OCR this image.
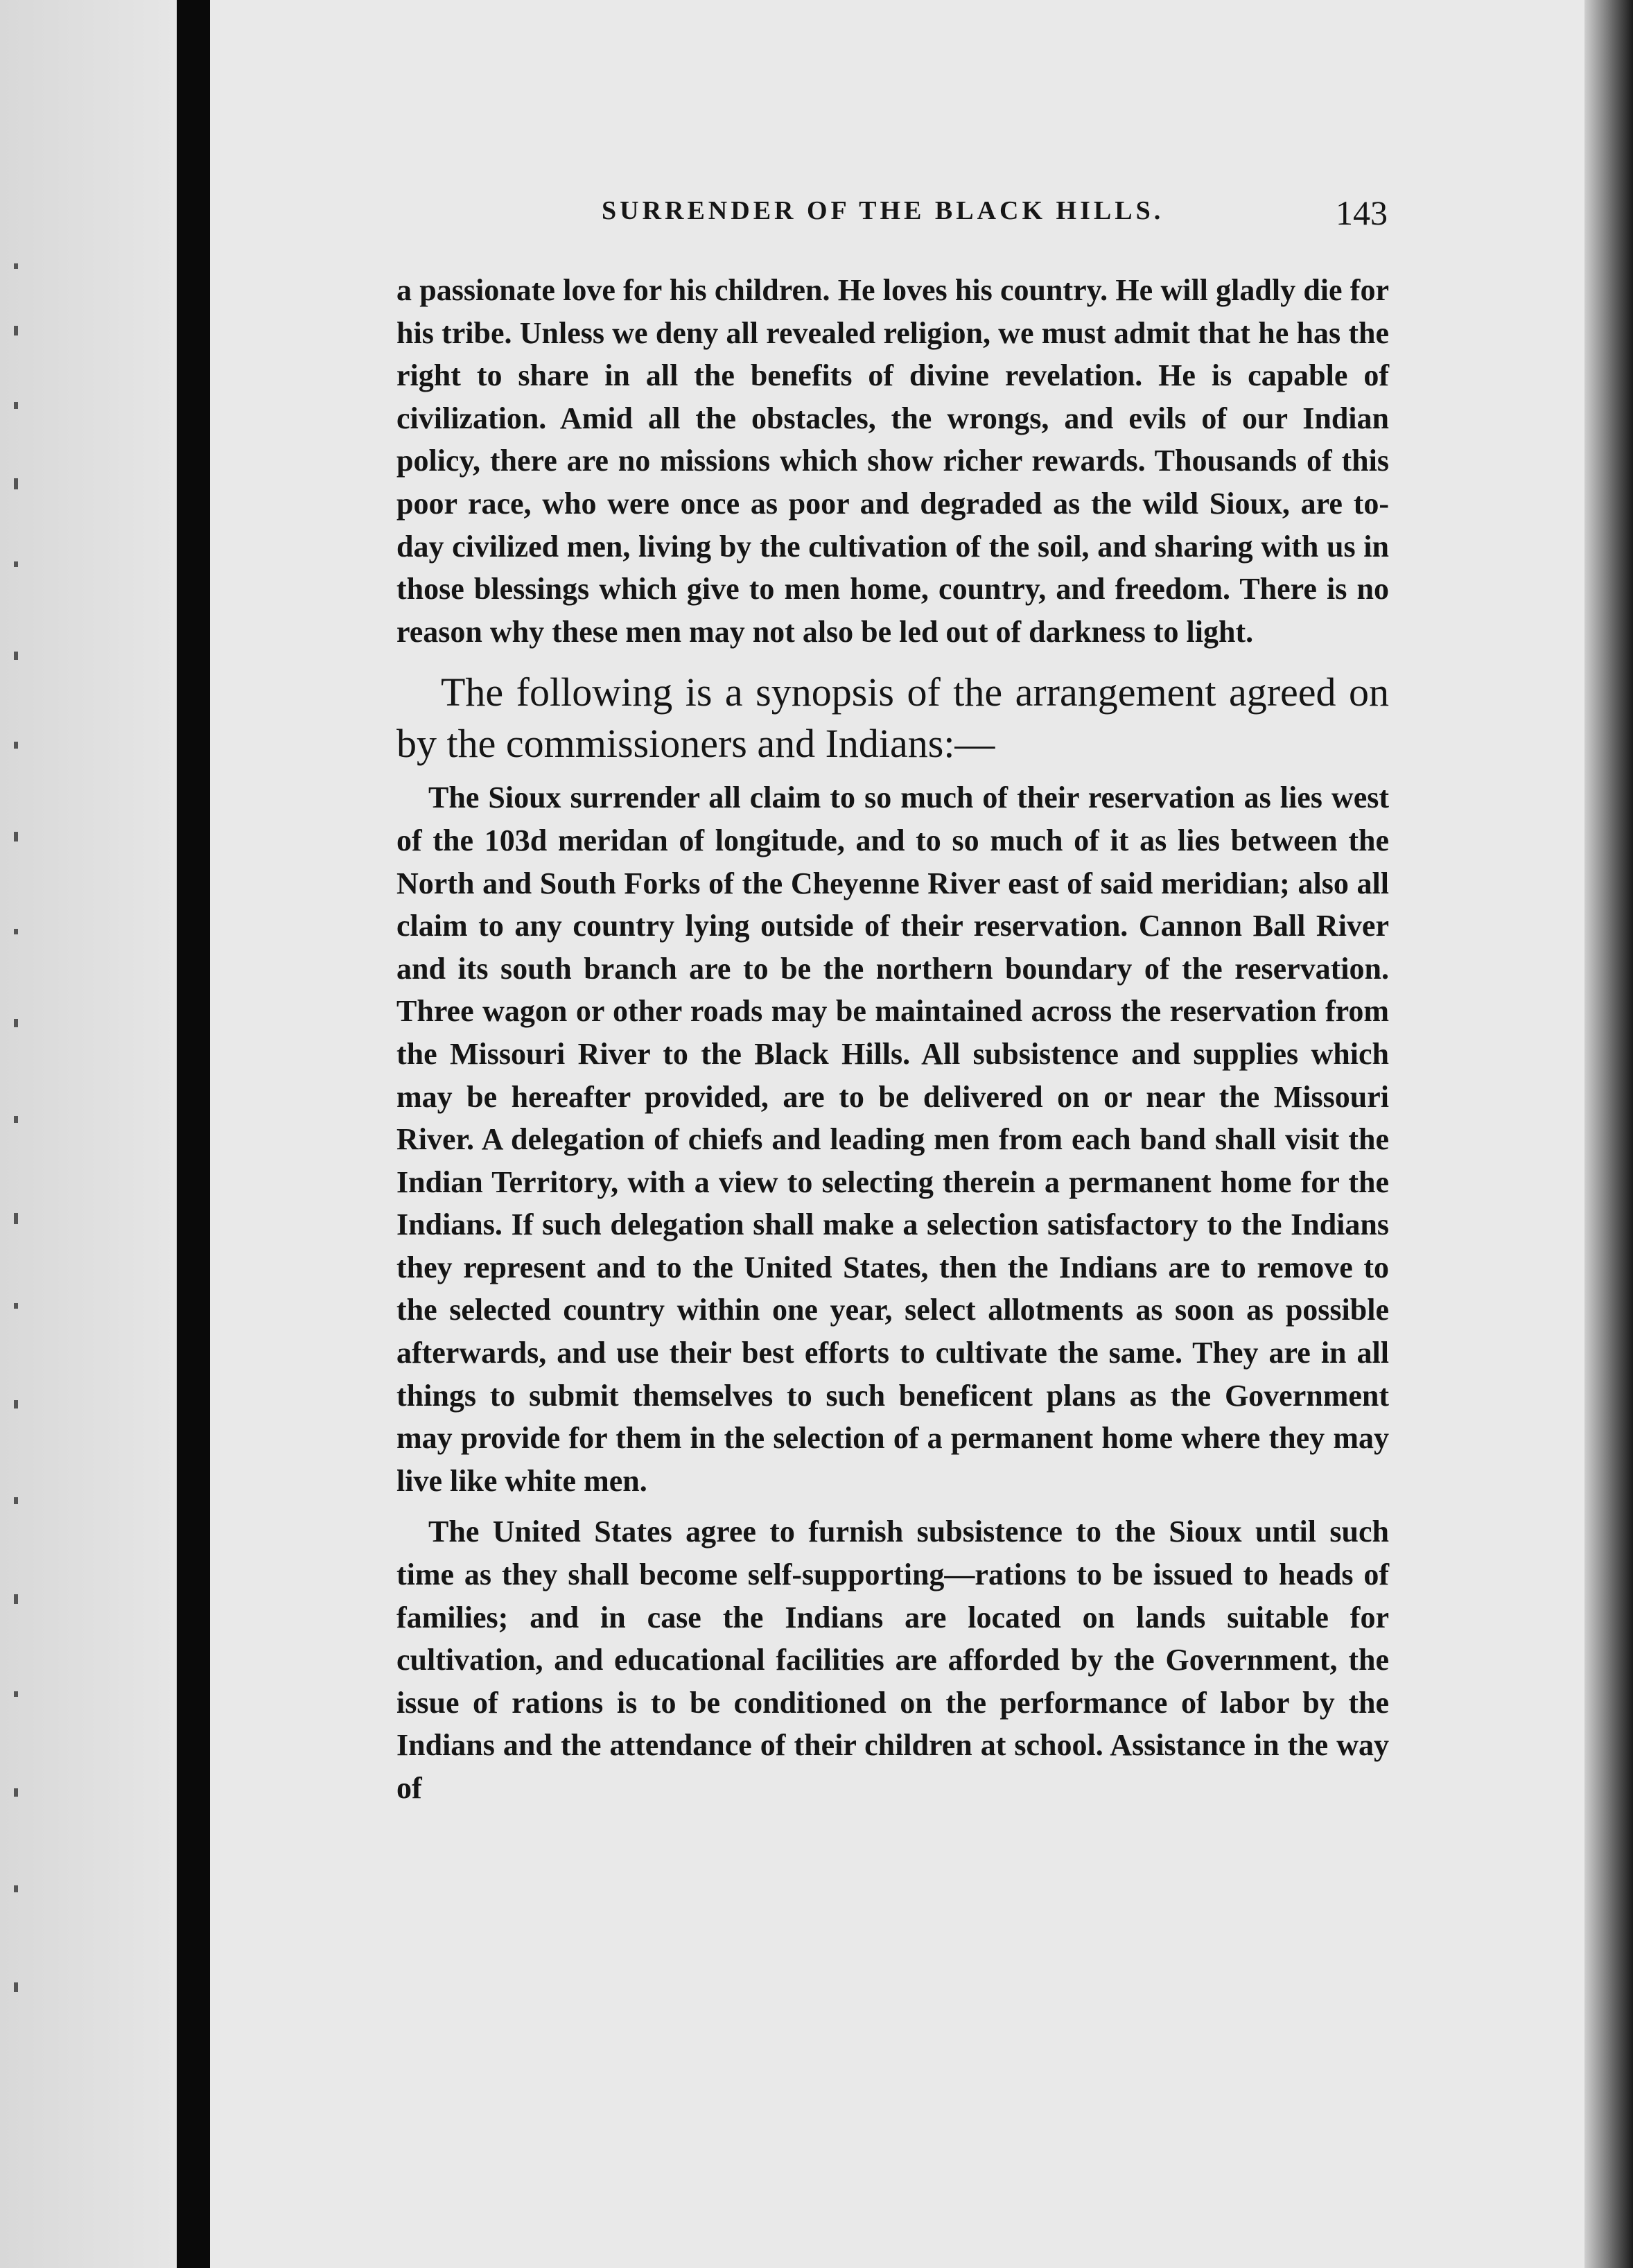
SURRENDER OF THE BLACK HILLS.	143

a passionate love for his children. He loves his country. He will gladly die for his tribe. Unless we deny all revealed religion, we must admit that he has the right to share in all the benefits of divine revelation. He is capable of civilization. Amid all the obstacles, the wrongs, and evils of our Indian policy, there are no missions which show richer rewards. Thousands of this poor race, who were once as poor and degraded as the wild Sioux, are to-day civilized men, living by the cultivation of the soil, and sharing with us in those blessings which give to men home, country, and freedom. There is no reason why these men may not also be led out of darkness to light.

The following is a synopsis of the arrangement agreed on by the commissioners and Indians:—

The Sioux surrender all claim to so much of their reservation as lies west of the 103d meridan of longitude, and to so much of it as lies between the North and South Forks of the Cheyenne River east of said meridian; also all claim to any country lying outside of their reservation. Cannon Ball River and its south branch are to be the northern boundary of the reservation. Three wagon or other roads may be maintained across the reservation from the Missouri River to the Black Hills. All subsistence and supplies which may be hereafter provided, are to be delivered on or near the Missouri River. A delegation of chiefs and leading men from each band shall visit the Indian Territory, with a view to selecting therein a permanent home for the Indians. If such delegation shall make a selection satisfactory to the Indians they represent and to the United States, then the Indians are to remove to the selected country within one year, select allotments as soon as possible afterwards, and use their best efforts to cultivate the same. They are in all things to submit themselves to such beneficent plans as the Government may provide for them in the selection of a permanent home where they may live like white men.

The United States agree to furnish subsistence to the Sioux until such time as they shall become self-supporting—rations to be issued to heads of families; and in case the Indians are located on lands suitable for cultivation, and educational facilities are afforded by the Government, the issue of rations is to be conditioned on the performance of labor by the Indians and the attendance of their children at school. Assistance in the way of
